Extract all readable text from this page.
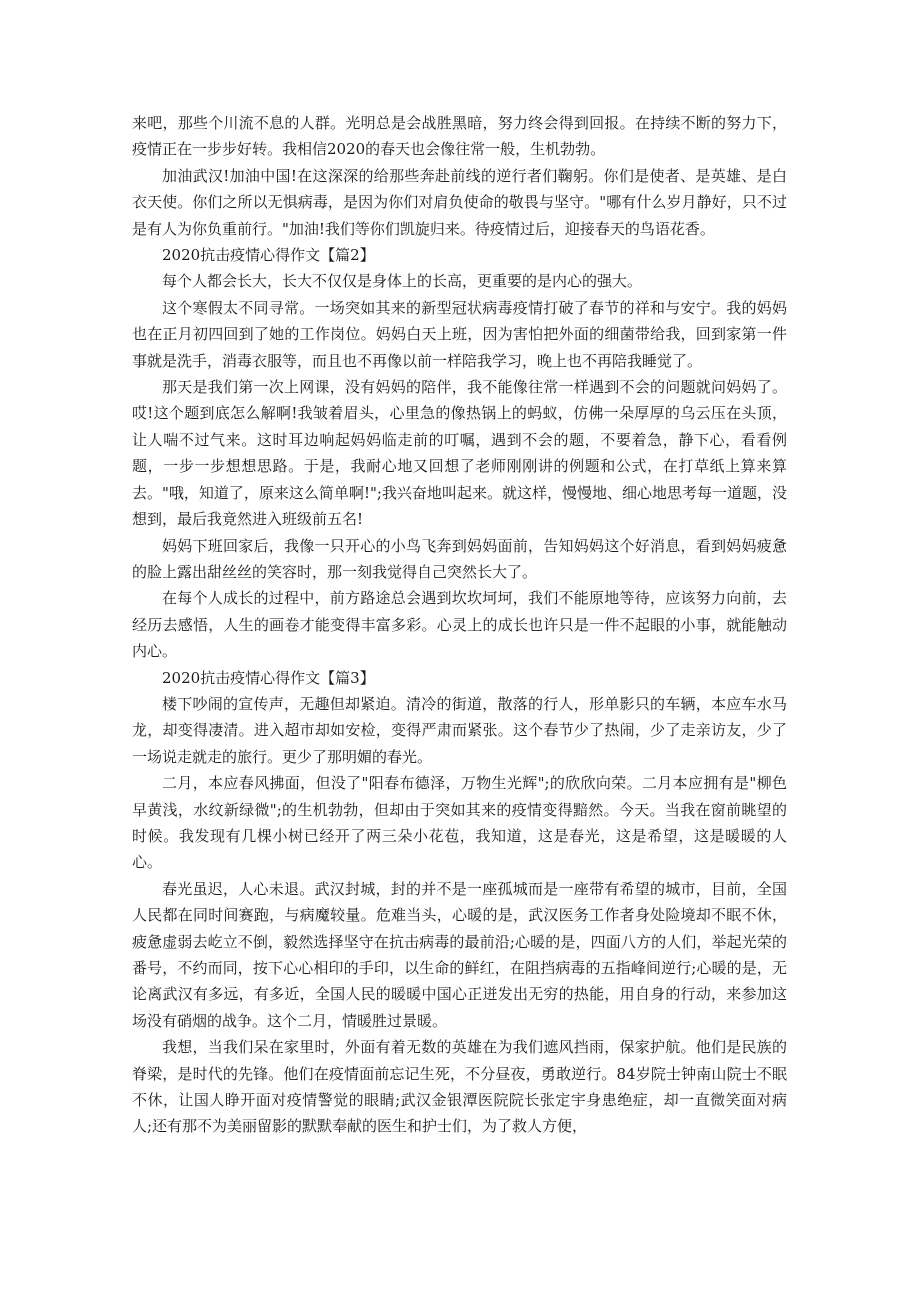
来吧，那些个川流不息的人群。光明总是会战胜黑暗，努力终会得到回报。在持续不断的努力下，疫情正在一步步好转。我相信2020的春天也会像往常一般，生机勃勃。

加油武汉!加油中国!在这深深的给那些奔赴前线的逆行者们鞠躬。你们是使者、是英雄、是白衣天使。你们之所以无惧病毒，是因为你们对肩负使命的敬畏与坚守。"哪有什么岁月静好，只不过是有人为你负重前行。"加油!我们等你们凯旋归来。待疫情过后，迎接春天的鸟语花香。

2020抗击疫情心得作文【篇2】

每个人都会长大，长大不仅仅是身体上的长高，更重要的是内心的强大。

这个寒假太不同寻常。一场突如其来的新型冠状病毒疫情打破了春节的祥和与安宁。我的妈妈也在正月初四回到了她的工作岗位。妈妈白天上班，因为害怕把外面的细菌带给我，回到家第一件事就是洗手，消毒衣服等，而且也不再像以前一样陪我学习，晚上也不再陪我睡觉了。

那天是我们第一次上网课，没有妈妈的陪伴，我不能像往常一样遇到不会的问题就问妈妈了。哎!这个题到底怎么解啊!我皱着眉头，心里急的像热锅上的蚂蚁，仿佛一朵厚厚的乌云压在头顶，让人喘不过气来。这时耳边响起妈妈临走前的叮嘱，遇到不会的题，不要着急，静下心，看看例题，一步一步想想思路。于是，我耐心地又回想了老师刚刚讲的例题和公式，在打草纸上算来算去。"哦，知道了，原来这么简单啊!";我兴奋地叫起来。就这样，慢慢地、细心地思考每一道题，没想到，最后我竟然进入班级前五名!

妈妈下班回家后，我像一只开心的小鸟飞奔到妈妈面前，告知妈妈这个好消息，看到妈妈疲惫的脸上露出甜丝丝的笑容时，那一刻我觉得自己突然长大了。

在每个人成长的过程中，前方路途总会遇到坎坎坷坷，我们不能原地等待，应该努力向前，去经历去感悟，人生的画卷才能变得丰富多彩。心灵上的成长也许只是一件不起眼的小事，就能触动内心。

2020抗击疫情心得作文【篇3】

楼下吵闹的宣传声，无趣但却紧迫。清冷的街道，散落的行人，形单影只的车辆，本应车水马龙，却变得凄清。进入超市却如安检，变得严肃而紧张。这个春节少了热闹，少了走亲访友，少了一场说走就走的旅行。更少了那明媚的春光。

二月，本应春风拂面，但没了"阳春布德泽，万物生光辉";的欣欣向荣。二月本应拥有是"柳色早黄浅，水纹新绿微";的生机勃勃，但却由于突如其来的疫情变得黯然。今天。当我在窗前眺望的时候。我发现有几棵小树已经开了两三朵小花苞，我知道，这是春光，这是希望，这是暖暖的人心。

春光虽迟，人心未退。武汉封城，封的并不是一座孤城而是一座带有希望的城市，目前，全国人民都在同时间赛跑，与病魔较量。危难当头，心暖的是，武汉医务工作者身处险境却不眠不休，疲惫虚弱去屹立不倒，毅然选择坚守在抗击病毒的最前沿;心暖的是，四面八方的人们，举起光荣的番号，不约而同，按下心心相印的手印，以生命的鲜红，在阻挡病毒的五指峰间逆行;心暖的是，无论离武汉有多远，有多近，全国人民的暖暖中国心正迸发出无穷的热能，用自身的行动，来参加这场没有硝烟的战争。这个二月，情暖胜过景暖。

我想，当我们呆在家里时，外面有着无数的英雄在为我们遮风挡雨，保家护航。他们是民族的脊梁，是时代的先锋。他们在疫情面前忘记生死，不分昼夜，勇敢逆行。84岁院士钟南山院士不眠不休，让国人睁开面对疫情警觉的眼睛;武汉金银潭医院院长张定宇身患绝症，却一直微笑面对病人;还有那不为美丽留影的默默奉献的医生和护士们，为了救人方便，
